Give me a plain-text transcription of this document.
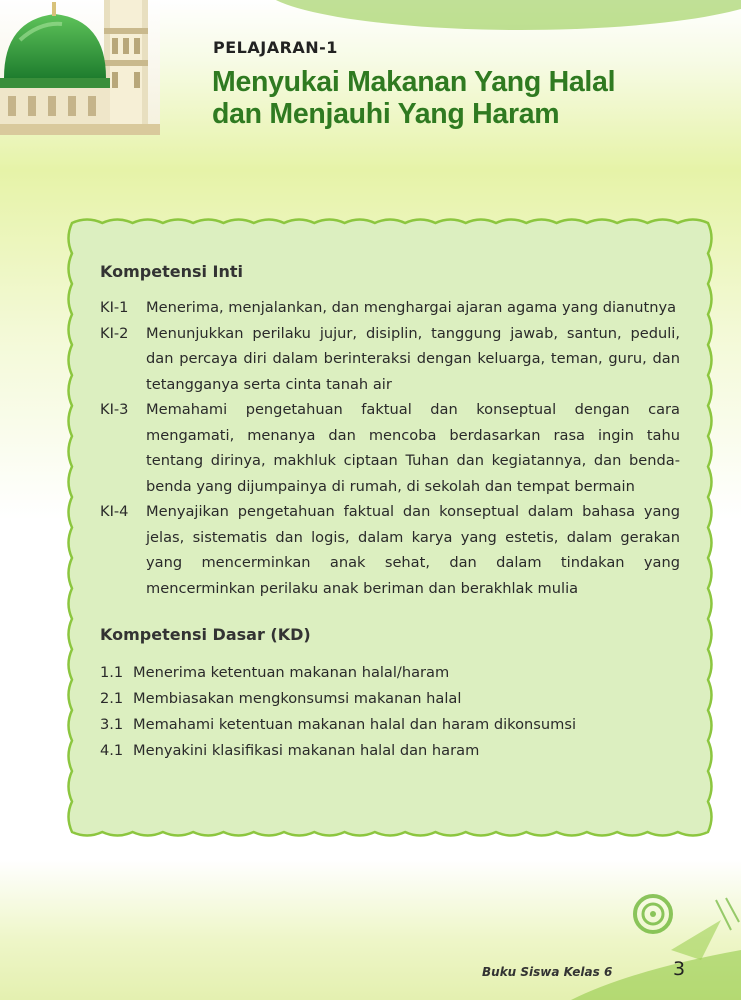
PELAJARAN-1
Menyukai Makanan Yang Halal
dan Menjauhi Yang Haram
Kompetensi Inti
KI-1	Menerima, menjalankan, dan menghargai ajaran agama yang dianutnya
KI-2	Menunjukkan perilaku jujur, disiplin, tanggung jawab, santun, peduli, dan percaya diri dalam berinteraksi dengan keluarga, teman, guru, dan tetangganya serta cinta tanah air
KI-3	Memahami pengetahuan faktual dan konseptual dengan cara mengamati, menanya dan mencoba berdasarkan rasa ingin tahu tentang dirinya, makhluk ciptaan Tuhan dan kegiatannya, dan benda-benda yang dijumpainya di rumah, di sekolah dan tempat bermain
KI-4	Menyajikan pengetahuan faktual dan konseptual dalam bahasa yang jelas, sistematis dan logis, dalam karya yang estetis, dalam gerakan yang mencerminkan anak sehat, dan dalam tindakan yang mencerminkan perilaku anak beriman dan berakhlak mulia
Kompetensi Dasar (KD)
1.1 Menerima ketentuan makanan halal/haram
2.1 Membiasakan mengkonsumsi makanan halal
3.1 Memahami ketentuan makanan halal dan haram dikonsumsi
4.1 Menyakini klasifikasi makanan halal dan haram
Buku Siswa Kelas 6	3
